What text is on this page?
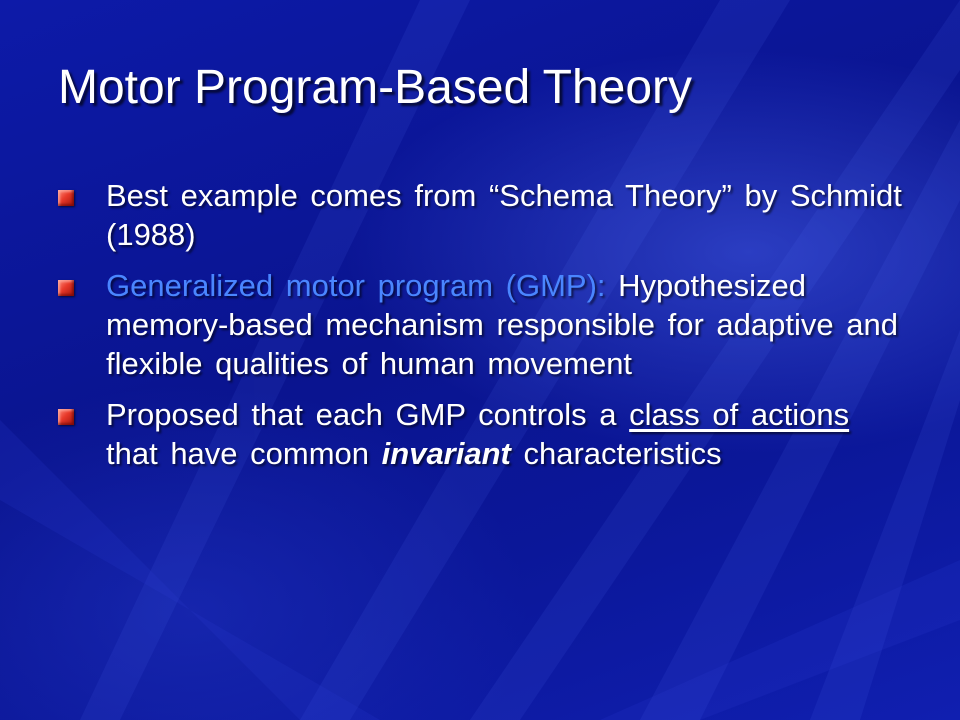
Motor Program-Based Theory
Best example comes from “Schema Theory” by Schmidt (1988)
Generalized motor program (GMP): Hypothesized memory-based mechanism responsible for adaptive and flexible qualities of human movement
Proposed that each GMP controls a class of actions that have common invariant characteristics
